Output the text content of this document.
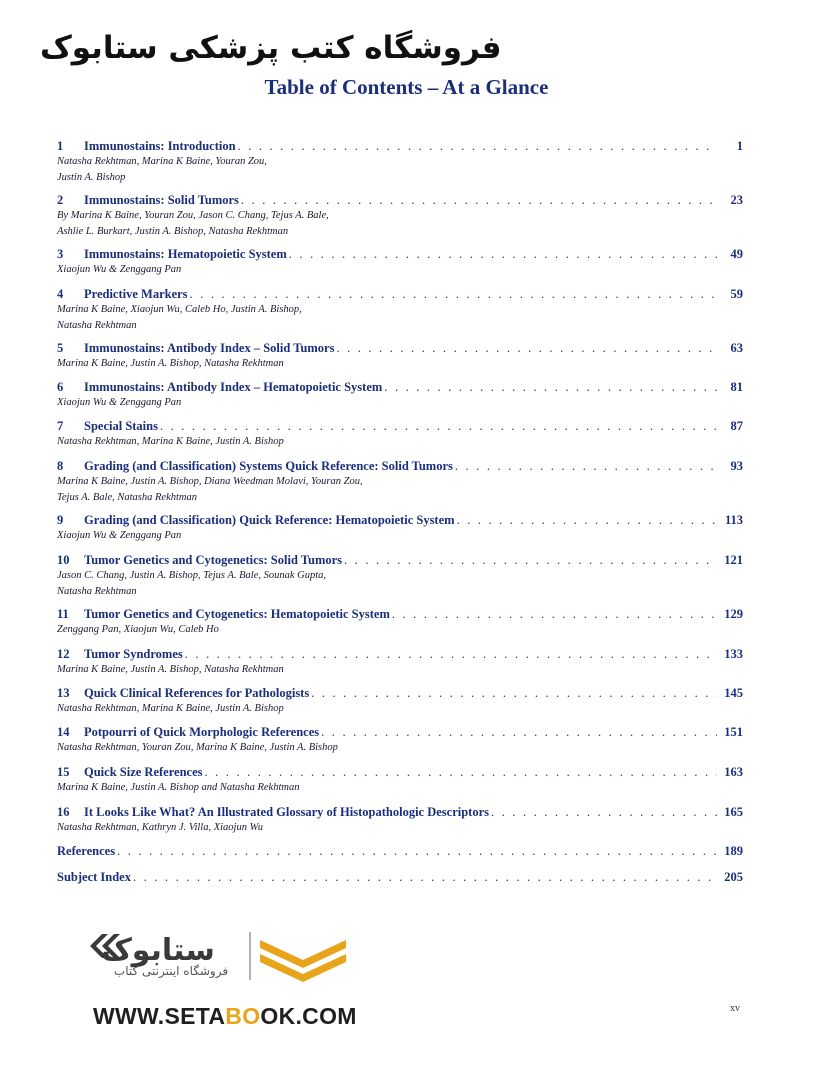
فروشگاه کتب پزشکی ستابوک
Table of Contents – At a Glance
1	Immunostains: Introduction . . .	1
Natasha Rekhtman, Marina K Baine, Youran Zou,
Justin A. Bishop
2	Immunostains: Solid Tumors . . .	23
By Marina K Baine, Youran Zou, Jason C. Chang, Tejus A. Bale,
Ashlie L. Burkart, Justin A. Bishop, Natasha Rekhtman
3	Immunostains: Hematopoietic System . . .	49
Xiaojun Wu & Zenggang Pan
4	Predictive Markers . . .	59
Marina K Baine, Xiaojun Wu, Caleb Ho, Justin A. Bishop,
Natasha Rekhtman
5	Immunostains: Antibody Index – Solid Tumors . . .	63
Marina K Baine, Justin A. Bishop, Natasha Rekhtman
6	Immunostains: Antibody Index – Hematopoietic System . . .	81
Xiaojun Wu & Zenggang Pan
7	Special Stains . . .	87
Natasha Rekhtman, Marina K Baine, Justin A. Bishop
8	Grading (and Classification) Systems Quick Reference: Solid Tumors . . .	93
Marina K Baine, Justin A. Bishop, Diana Weedman Molavi, Youran Zou,
Tejus A. Bale, Natasha Rekhtman
9	Grading (and Classification) Quick Reference: Hematopoietic System . . .	113
Xiaojun Wu & Zenggang Pan
10	Tumor Genetics and Cytogenetics: Solid Tumors . . .	121
Jason C. Chang, Justin A. Bishop, Tejus A. Bale, Sounak Gupta,
Natasha Rekhtman
11	Tumor Genetics and Cytogenetics: Hematopoietic System . . .	129
Zenggang Pan, Xiaojun Wu, Caleb Ho
12	Tumor Syndromes . . .	133
Marina K Baine, Justin A. Bishop, Natasha Rekhtman
13	Quick Clinical References for Pathologists . . .	145
Natasha Rekhtman, Marina K Baine, Justin A. Bishop
14	Potpourri of Quick Morphologic References . . .	151
Natasha Rekhtman, Youran Zou, Marina K Baine, Justin A. Bishop
15	Quick Size References . . .	163
Marina K Baine, Justin A. Bishop and Natasha Rekhtman
16	It Looks Like What? An Illustrated Glossary of Histopathologic Descriptors . . .	165
Natasha Rekhtman, Kathryn J. Villa, Xiaojun Wu
References . . .	189
Subject Index . . .	205
ستابوک
فروشگاه اینترنتی کتاب
WWW.SETABOOK.COM	xv
